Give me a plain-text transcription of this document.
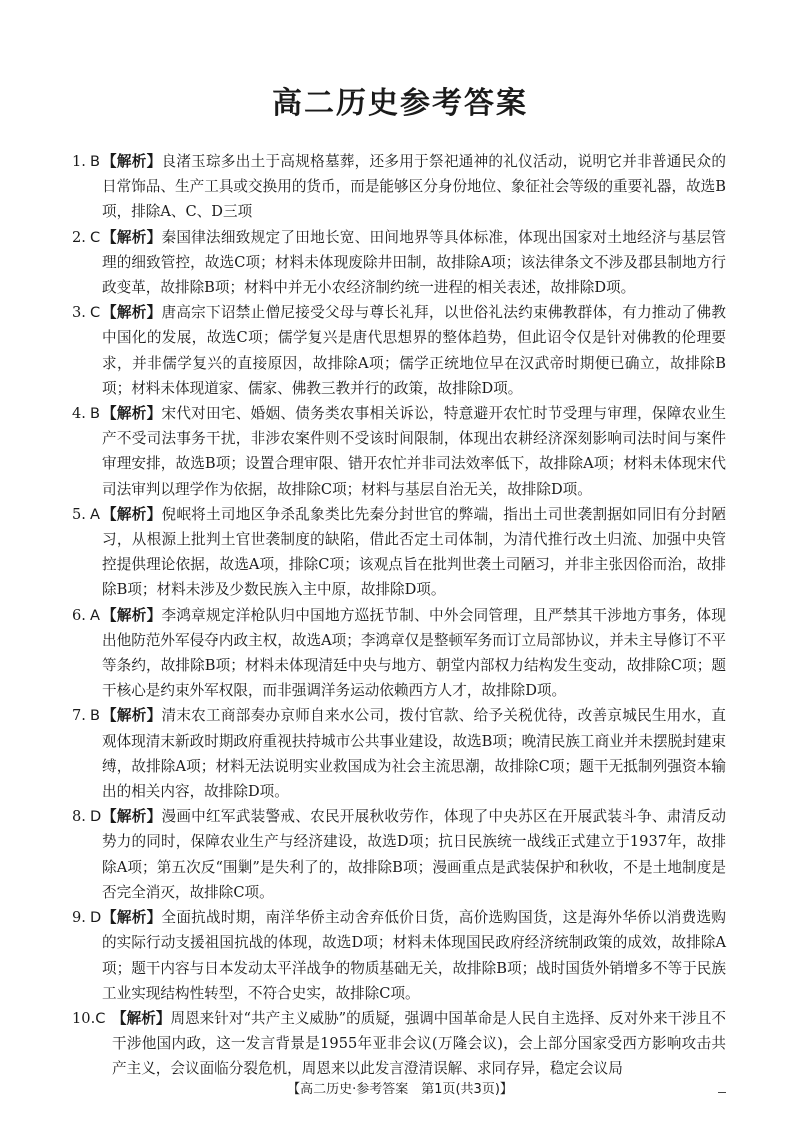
高二历史参考答案
1. B 【解析】良渚玉琮多出土于高规格墓葬，还多用于祭祀通神的礼仪活动，说明它并非普通民众的日常饰品、生产工具或交换用的货币，而是能够区分身份地位、象征社会等级的重要礼器，故选B项，排除A、C、D三项
2. C 【解析】秦国律法细致规定了田地长宽、田间地界等具体标准，体现出国家对土地经济与基层管理的细致管控，故选C项；材料未体现废除井田制，故排除A项；该法律条文不涉及郡县制地方行政变革，故排除B项；材料中并无小农经济制约统一进程的相关表述，故排除D项。
3. C 【解析】唐高宗下诏禁止僧尼接受父母与尊长礼拜，以世俗礼法约束佛教群体，有力推动了佛教中国化的发展，故选C项；儒学复兴是唐代思想界的整体趋势，但此诏令仅是针对佛教的伦理要求，并非儒学复兴的直接原因，故排除A项；儒学正统地位早在汉武帝时期便已确立，故排除B项；材料未体现道家、儒家、佛教三教并行的政策，故排除D项。
4. B 【解析】宋代对田宅、婚姻、债务类农事相关诉讼，特意避开农忙时节受理与审理，保障农业生产不受司法事务干扰，非涉农案件则不受该时间限制，体现出农耕经济深刻影响司法时间与案件审理安排，故选B项；设置合理审限、错开农忙并非司法效率低下，故排除A项；材料未体现宋代司法审判以理学作为依据，故排除C项；材料与基层自治无关，故排除D项。
5. A 【解析】倪岷将土司地区争杀乱象类比先秦分封世官的弊端，指出土司世袭割据如同旧有分封陋习，从根源上批判土官世袭制度的缺陷，借此否定土司体制，为清代推行改土归流、加强中央管控提供理论依据，故选A项，排除C项；该观点旨在批判世袭土司陋习，并非主张因俗而治，故排除B项；材料未涉及少数民族入主中原，故排除D项。
6. A 【解析】李鸿章规定洋枪队归中国地方巡抚节制、中外会同管理，且严禁其干涉地方事务，体现出他防范外军侵夺内政主权，故选A项；李鸿章仅是整顿军务而订立局部协议，并未主导修订不平等条约，故排除B项；材料未体现清廷中央与地方、朝堂内部权力结构发生变动，故排除C项；题干核心是约束外军权限，而非强调洋务运动依赖西方人才，故排除D项。
7. B 【解析】清末农工商部奏办京师自来水公司，拨付官款、给予关税优待，改善京城民生用水，直观体现清末新政时期政府重视扶持城市公共事业建设，故选B项；晚清民族工商业并未摆脱封建束缚，故排除A项；材料无法说明实业救国成为社会主流思潮，故排除C项；题干无抵制列强资本输出的相关内容，故排除D项。
8. D 【解析】漫画中红军武装警戒、农民开展秋收劳作，体现了中央苏区在开展武装斗争、肃清反动势力的同时，保障农业生产与经济建设，故选D项；抗日民族统一战线正式建立于1937年，故排除A项；第五次反“围剿”是失利了的，故排除B项；漫画重点是武装保护和秋收，不是土地制度是否完全消灭，故排除C项。
9. D 【解析】全面抗战时期，南洋华侨主动舍弃低价日货，高价选购国货，这是海外华侨以消费选购的实际行动支援祖国抗战的体现，故选D项；材料未体现国民政府经济统制政策的成效，故排除A项；题干内容与日本发动太平洋战争的物质基础无关，故排除B项；战时国货外销增多不等于民族工业实现结构性转型，不符合史实，故排除C项。
10.C 【解析】周恩来针对“共产主义威胁”的质疑，强调中国革命是人民自主选择、反对外来干涉且不干涉他国内政，这一发言背景是1955年亚非会议(万隆会议)，会上部分国家受西方影响攻击共产主义，会议面临分裂危机，周恩来以此发言澄清误解、求同存异，稳定会议局
【高二历史·参考答案　第1页(共3页)】
